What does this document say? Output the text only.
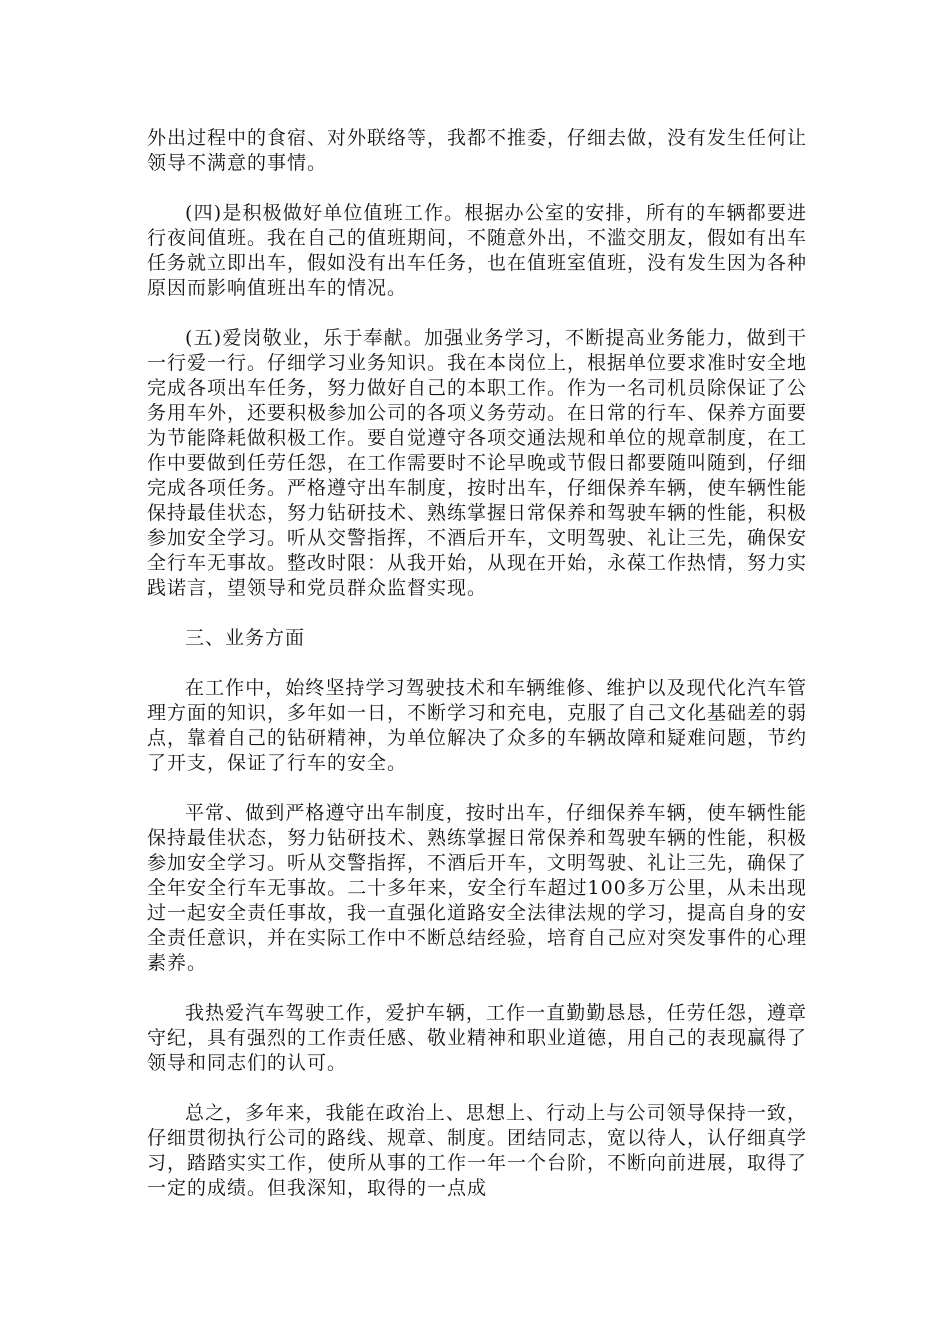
外出过程中的食宿、对外联络等，我都不推委，仔细去做，没有发生任何让领导不满意的事情。

(四)是积极做好单位值班工作。根据办公室的安排，所有的车辆都要进行夜间值班。我在自己的值班期间，不随意外出，不滥交朋友，假如有出车任务就立即出车，假如没有出车任务，也在值班室值班，没有发生因为各种原因而影响值班出车的情况。

(五)爱岗敬业，乐于奉献。加强业务学习，不断提高业务能力，做到干一行爱一行。仔细学习业务知识。我在本岗位上，根据单位要求准时安全地完成各项出车任务，努力做好自己的本职工作。作为一名司机员除保证了公务用车外，还要积极参加公司的各项义务劳动。在日常的行车、保养方面要为节能降耗做积极工作。要自觉遵守各项交通法规和单位的规章制度，在工作中要做到任劳任怨，在工作需要时不论早晚或节假日都要随叫随到，仔细完成各项任务。严格遵守出车制度，按时出车，仔细保养车辆，使车辆性能保持最佳状态，努力钻研技术、熟练掌握日常保养和驾驶车辆的性能，积极参加安全学习。听从交警指挥，不酒后开车，文明驾驶、礼让三先，确保安全行车无事故。整改时限：从我开始，从现在开始，永葆工作热情，努力实践诺言，望领导和党员群众监督实现。

三、业务方面

在工作中，始终坚持学习驾驶技术和车辆维修、维护以及现代化汽车管理方面的知识，多年如一日，不断学习和充电，克服了自己文化基础差的弱点，靠着自己的钻研精神，为单位解决了众多的车辆故障和疑难问题，节约了开支，保证了行车的安全。

平常、做到严格遵守出车制度，按时出车，仔细保养车辆，使车辆性能保持最佳状态，努力钻研技术、熟练掌握日常保养和驾驶车辆的性能，积极参加安全学习。听从交警指挥，不酒后开车，文明驾驶、礼让三先，确保了全年安全行车无事故。二十多年来，安全行车超过100多万公里，从未出现过一起安全责任事故，我一直强化道路安全法律法规的学习，提高自身的安全责任意识，并在实际工作中不断总结经验，培育自己应对突发事件的心理素养。

我热爱汽车驾驶工作，爱护车辆，工作一直勤勤恳恳，任劳任怨，遵章守纪，具有强烈的工作责任感、敬业精神和职业道德，用自己的表现赢得了领导和同志们的认可。

总之，多年来，我能在政治上、思想上、行动上与公司领导保持一致，仔细贯彻执行公司的路线、规章、制度。团结同志，宽以待人，认仔细真学习，踏踏实实工作，使所从事的工作一年一个台阶，不断向前进展，取得了一定的成绩。但我深知，取得的一点成
